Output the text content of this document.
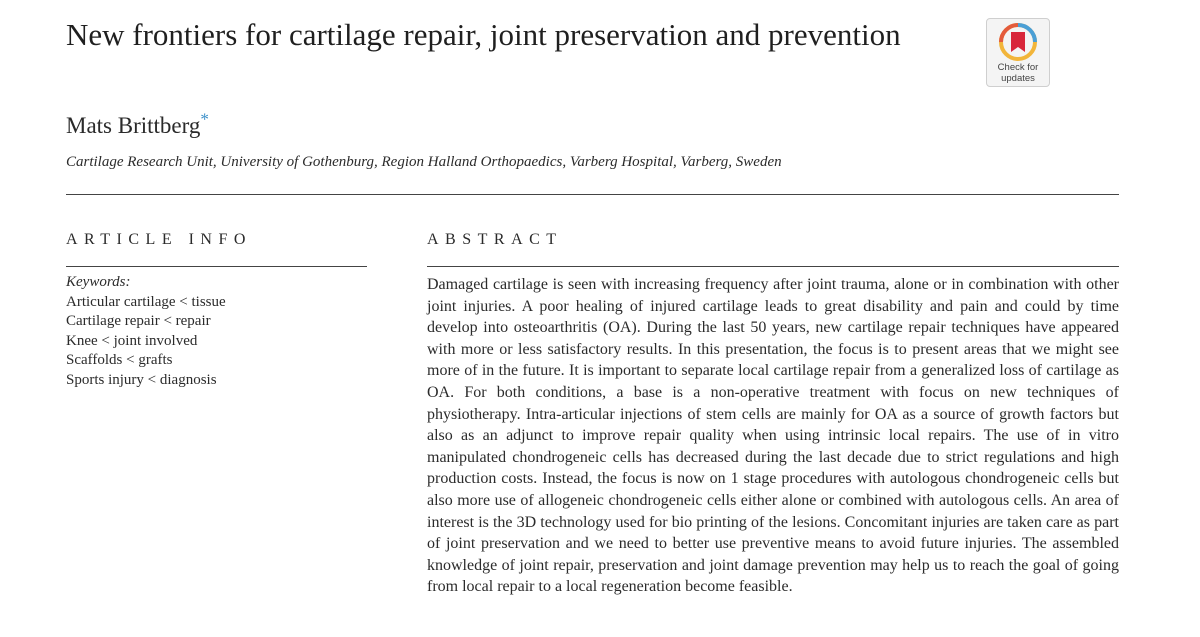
New frontiers for cartilage repair, joint preservation and prevention
Mats Brittberg*
Cartilage Research Unit, University of Gothenburg, Region Halland Orthopaedics, Varberg Hospital, Varberg, Sweden
Check for
updates
ARTICLE INFO	ABSTRACT
Keywords:
Articular cartilage < tissue
Cartilage repair < repair
Knee < joint involved
Scaffolds < grafts
Sports injury < diagnosis

Damaged cartilage is seen with increasing frequency after joint trauma, alone or in combination with other joint injuries. A poor healing of injured cartilage leads to great disability and pain and could by time develop into osteoarthritis (OA). During the last 50 years, new cartilage repair techniques have appeared with more or less satisfactory results. In this presentation, the focus is to present areas that we might see more of in the future. It is important to separate local cartilage repair from a generalized loss of cartilage as OA. For both conditions, a base is a non-operative treatment with focus on new techniques of physiotherapy. Intra-articular injections of stem cells are mainly for OA as a source of growth factors but also as an adjunct to improve repair quality when using intrinsic local repairs. The use of in vitro manipulated chondrogeneic cells has decreased during the last decade due to strict regulations and high production costs. Instead, the focus is now on 1 stage procedures with autologous chondrogeneic cells but also more use of allogeneic chondrogeneic cells either alone or combined with autologous cells. An area of interest is the 3D technology used for bio printing of the lesions. Concomitant injuries are taken care as part of joint preservation and we need to better use preventive means to avoid future injuries. The assembled knowledge of joint repair, preservation and joint damage prevention may help us to reach the goal of going from local repair to a local regeneration become feasible.
